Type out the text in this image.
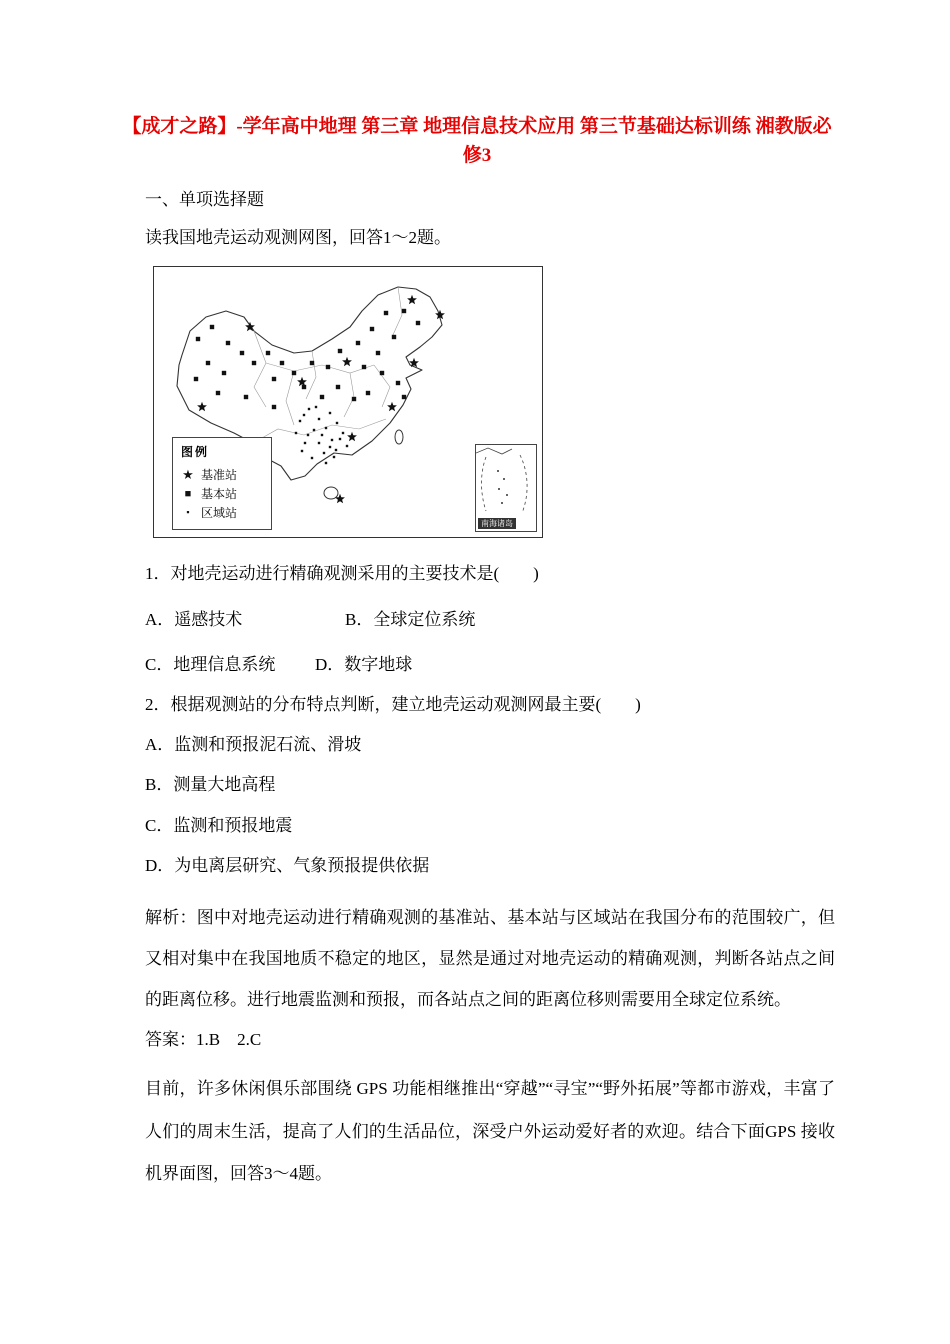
【成才之路】-学年高中地理 第三章 地理信息技术应用 第三节基础达标训练 湘教版必修3

一、单项选择题

读我国地壳运动观测网图，回答1～2题。

图例
★ 基准站
■ 基本站
▪ 区域站
南海诸岛

1．对地壳运动进行精确观测采用的主要技术是(　　)

A．遥感技术	B．全球定位系统
C．地理信息系统	D．数字地球

2．根据观测站的分布特点判断，建立地壳运动观测网最主要(　　)

A．监测和预报泥石流、滑坡

B．测量大地高程

C．监测和预报地震

D．为电离层研究、气象预报提供依据

解析：图中对地壳运动进行精确观测的基准站、基本站与区域站在我国分布的范围较广，但又相对集中在我国地质不稳定的地区，显然是通过对地壳运动的精确观测，判断各站点之间的距离位移。进行地震监测和预报，而各站点之间的距离位移则需要用全球定位系统。

答案：1.B　2.C

目前，许多休闲俱乐部围绕 GPS 功能相继推出“穿越”“寻宝”“野外拓展”等都市游戏，丰富了人们的周末生活，提高了人们的生活品位，深受户外运动爱好者的欢迎。结合下面GPS 接收机界面图，回答3～4题。
